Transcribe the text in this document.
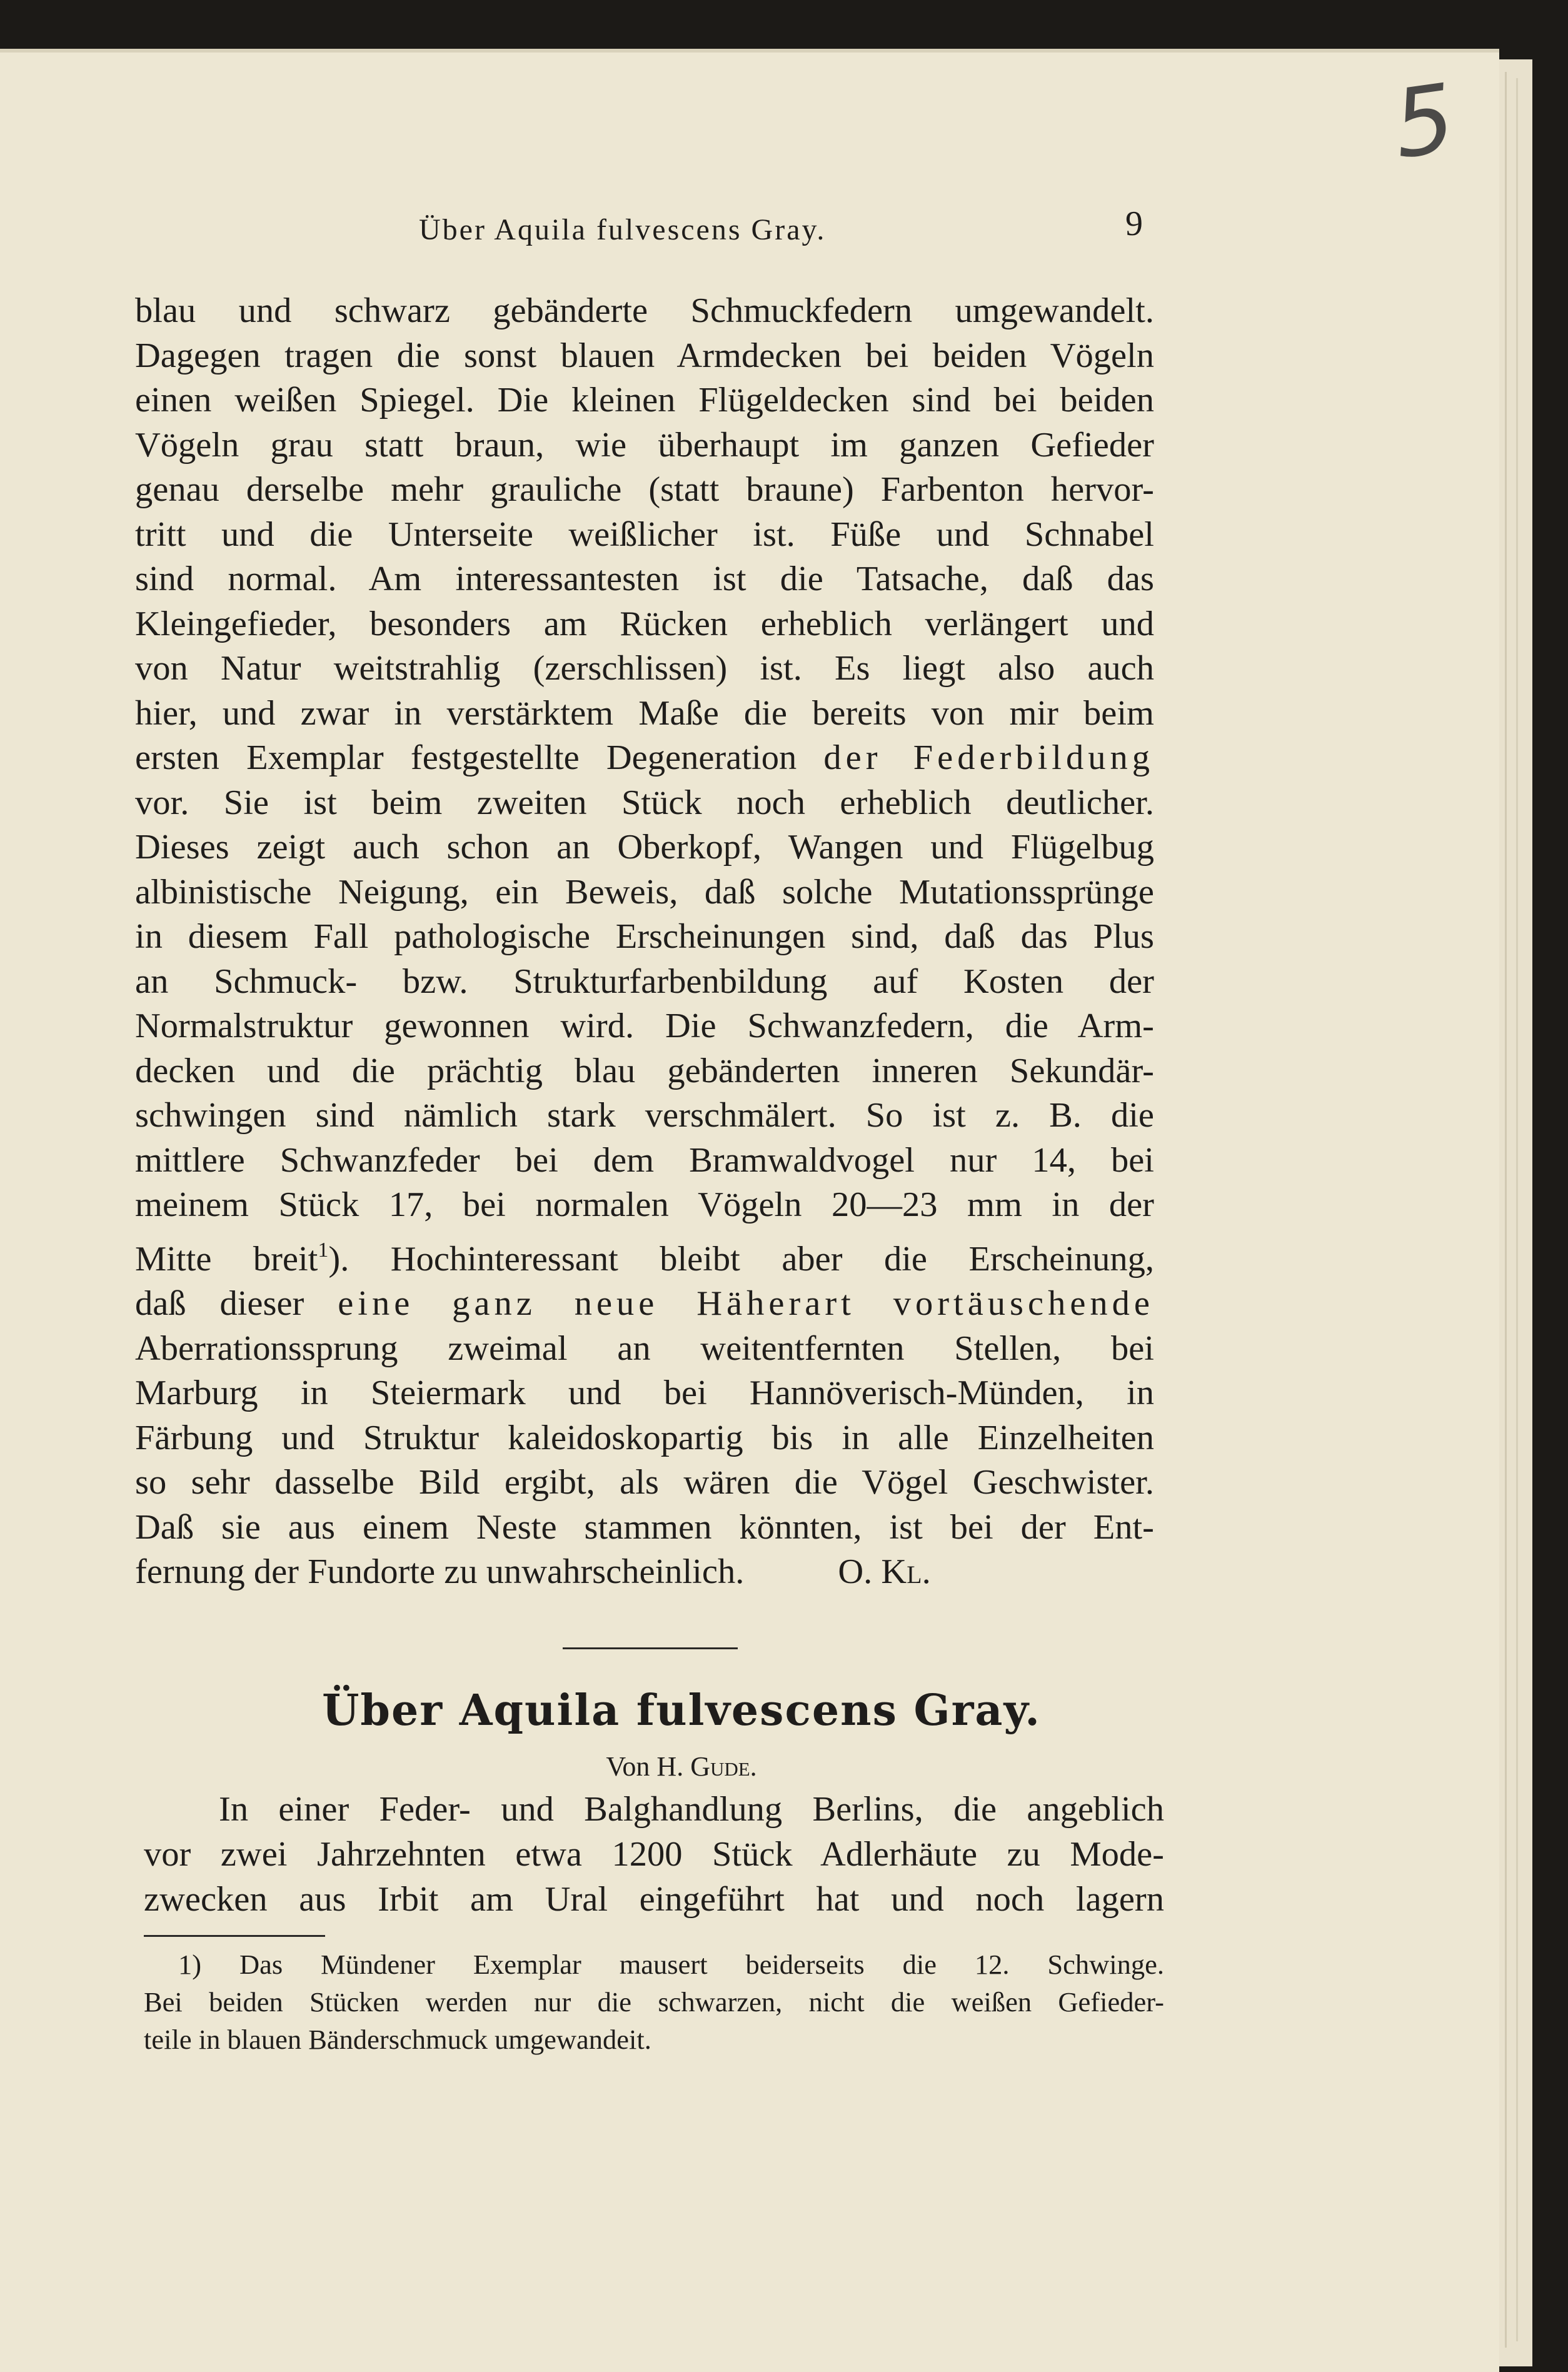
5
Über Aquila fulvescens Gray.	9
blau und schwarz gebänderte Schmuckfedern umgewandelt.
Dagegen tragen die sonst blauen Armdecken bei beiden Vögeln
einen weißen Spiegel. Die kleinen Flügeldecken sind bei beiden
Vögeln grau statt braun, wie überhaupt im ganzen Gefieder
genau derselbe mehr grauliche (statt braune) Farbenton hervor-
tritt und die Unterseite weißlicher ist. Füße und Schnabel
sind normal. Am interessantesten ist die Tatsache, daß das
Kleingefieder, besonders am Rücken erheblich verlängert und
von Natur weitstrahlig (zerschlissen) ist. Es liegt also auch
hier, und zwar in verstärktem Maße die bereits von mir beim
ersten Exemplar festgestellte Degeneration der Federbildung
vor. Sie ist beim zweiten Stück noch erheblich deutlicher.
Dieses zeigt auch schon an Oberkopf, Wangen und Flügelbug
albinistische Neigung, ein Beweis, daß solche Mutationssprünge
in diesem Fall pathologische Erscheinungen sind, daß das Plus
an Schmuck- bzw. Strukturfarbenbildung auf Kosten der
Normalstruktur gewonnen wird. Die Schwanzfedern, die Arm-
decken und die prächtig blau gebänderten inneren Sekundär-
schwingen sind nämlich stark verschmälert. So ist z. B. die
mittlere Schwanzfeder bei dem Bramwaldvogel nur 14, bei
meinem Stück 17, bei normalen Vögeln 20—23 mm in der
Mitte breit$^1$). Hochinteressant bleibt aber die Erscheinung,
daß dieser eine ganz neue Häherart vortäuschende
Aberrationssprung zweimal an weitentfernten Stellen, bei
Marburg in Steiermark und bei Hannöverisch-Münden, in
Färbung und Struktur kaleidoskopartig bis in alle Einzelheiten
so sehr dasselbe Bild ergibt, als wären die Vögel Geschwister.
Daß sie aus einem Neste stammen könnten, ist bei der Ent-
fernung der Fundorte zu unwahrscheinlich.	O. Kl.
Über Aquila fulvescens Gray.
Von H. Gude.
In einer Feder- und Balghandlung Berlins, die angeblich
vor zwei Jahrzehnten etwa 1200 Stück Adlerhäute zu Mode-
zwecken aus Irbit am Ural eingeführt hat und noch lagern
1) Das Mündener Exemplar mausert beiderseits die 12. Schwinge.
Bei beiden Stücken werden nur die schwarzen, nicht die weißen Gefieder-
teile in blauen Bänderschmuck umgewandeit.
